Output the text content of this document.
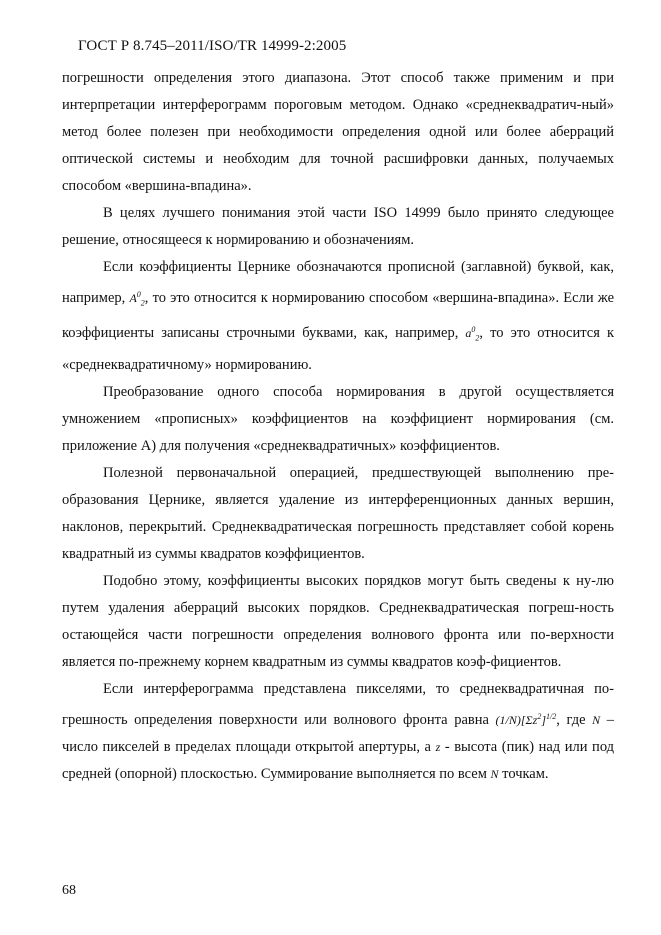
ГОСТ Р 8.745–2011/ISO/TR 14999-2:2005

погрешности определения этого диапазона. Этот способ также применим и при интерпретации интерферограмм пороговым методом. Однако «среднеквадратич-ный» метод более полезен при необходимости определения одной или более аберраций оптической системы и необходим для точной расшифровки данных, получаемых способом «вершина-впадина».

В целях лучшего понимания этой части ISO 14999 было принято следующее решение, относящееся к нормированию и обозначениям.

Если коэффициенты Цернике обозначаются прописной (заглавной) буквой, как, например, $A^0_2$, то это относится к нормированию способом «вершина-впадина». Если же коэффициенты записаны строчными буквами, как, например, $a^0_2$, то это относится к «среднеквадратичному» нормированию.

Преобразование одного способа нормирования в другой осуществляется умножением «прописных» коэффициентов на коэффициент нормирования (см. приложение А) для получения «среднеквадратичных» коэффициентов.

Полезной первоначальной операцией, предшествующей выполнению пре-образования Цернике, является удаление из интерференционных данных вершин, наклонов, перекрытий. Среднеквадратическая погрешность представляет собой корень квадратный из суммы квадратов коэффициентов.

Подобно этому, коэффициенты высоких порядков могут быть сведены к ну-лю путем удаления аберраций высоких порядков. Среднеквадратическая погреш-ность остающейся части погрешности определения волнового фронта или по-верхности является по-прежнему корнем квадратным из суммы квадратов коэф-фициентов.

Если интерферограмма представлена пикселями, то среднеквадратичная по-грешность определения поверхности или волнового фронта равна $(1/N)[\Sigma z^2]^{1/2}$, где N – число пикселей в пределах площади открытой апертуры, а z - высота (пик) над или под средней (опорной) плоскостью. Суммирование выполняется по всем N точкам.

68
